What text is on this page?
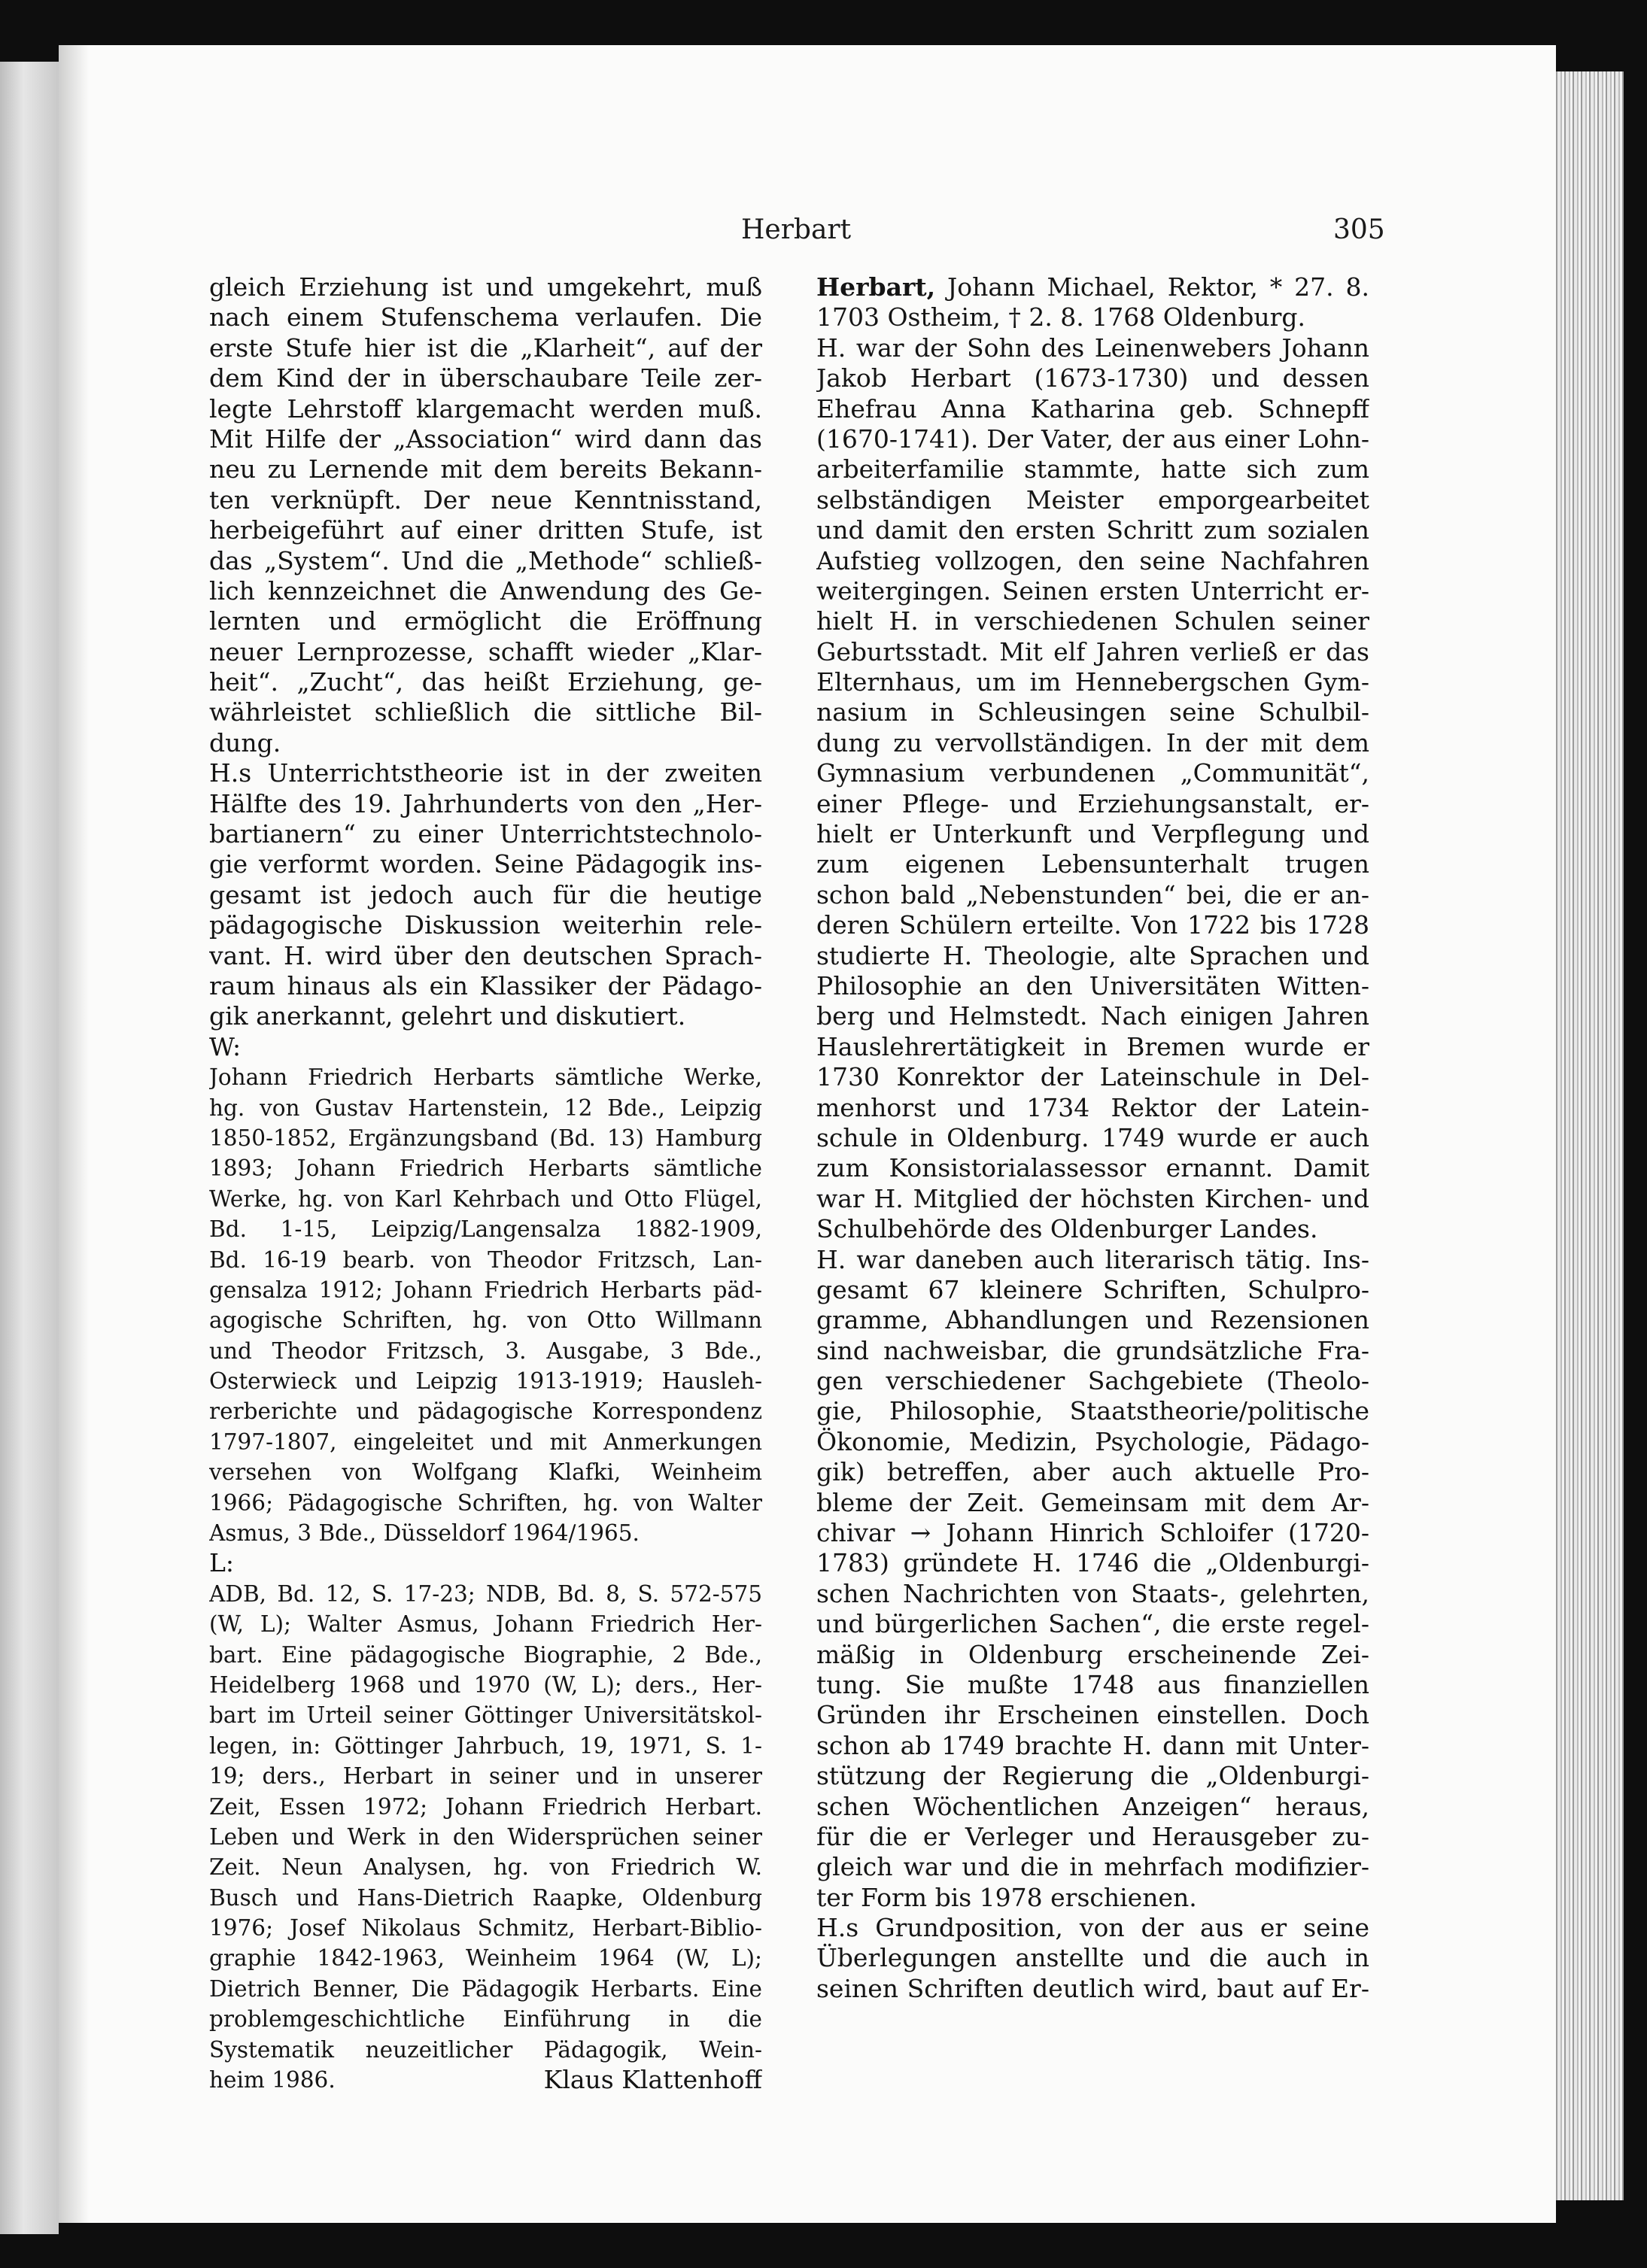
Herbart	305
gleich Erziehung ist und umgekehrt, muß
nach einem Stufenschema verlaufen. Die
erste Stufe hier ist die „Klarheit“, auf der
dem Kind der in überschaubare Teile zer-
legte Lehrstoff klargemacht werden muß.
Mit Hilfe der „Association“ wird dann das
neu zu Lernende mit dem bereits Bekann-
ten verknüpft. Der neue Kenntnisstand,
herbeigeführt auf einer dritten Stufe, ist
das „System“. Und die „Methode“ schließ-
lich kennzeichnet die Anwendung des Ge-
lernten und ermöglicht die Eröffnung
neuer Lernprozesse, schafft wieder „Klar-
heit“. „Zucht“, das heißt Erziehung, ge-
währleistet schließlich die sittliche Bil-
dung.
H.s Unterrichtstheorie ist in der zweiten
Hälfte des 19. Jahrhunderts von den „Her-
bartianern“ zu einer Unterrichtstechnolo-
gie verformt worden. Seine Pädagogik ins-
gesamt ist jedoch auch für die heutige
pädagogische Diskussion weiterhin rele-
vant. H. wird über den deutschen Sprach-
raum hinaus als ein Klassiker der Pädago-
gik anerkannt, gelehrt und diskutiert.
W:
Johann Friedrich Herbarts sämtliche Werke,
hg. von Gustav Hartenstein, 12 Bde., Leipzig
1850-1852, Ergänzungsband (Bd. 13) Hamburg
1893; Johann Friedrich Herbarts sämtliche
Werke, hg. von Karl Kehrbach und Otto Flügel,
Bd. 1-15, Leipzig/Langensalza 1882-1909,
Bd. 16-19 bearb. von Theodor Fritzsch, Lan-
gensalza 1912; Johann Friedrich Herbarts päd-
agogische Schriften, hg. von Otto Willmann
und Theodor Fritzsch, 3. Ausgabe, 3 Bde.,
Osterwieck und Leipzig 1913-1919; Hausleh-
rerberichte und pädagogische Korrespondenz
1797-1807, eingeleitet und mit Anmerkungen
versehen von Wolfgang Klafki, Weinheim
1966; Pädagogische Schriften, hg. von Walter
Asmus, 3 Bde., Düsseldorf 1964/1965.
L:
ADB, Bd. 12, S. 17-23; NDB, Bd. 8, S. 572-575
(W, L); Walter Asmus, Johann Friedrich Her-
bart. Eine pädagogische Biographie, 2 Bde.,
Heidelberg 1968 und 1970 (W, L); ders., Her-
bart im Urteil seiner Göttinger Universitätskol-
legen, in: Göttinger Jahrbuch, 19, 1971, S. 1-
19; ders., Herbart in seiner und in unserer
Zeit, Essen 1972; Johann Friedrich Herbart.
Leben und Werk in den Widersprüchen seiner
Zeit. Neun Analysen, hg. von Friedrich W.
Busch und Hans-Dietrich Raapke, Oldenburg
1976; Josef Nikolaus Schmitz, Herbart-Biblio-
graphie 1842-1963, Weinheim 1964 (W, L);
Dietrich Benner, Die Pädagogik Herbarts. Eine
problemgeschichtliche Einführung in die
Systematik neuzeitlicher Pädagogik, Wein-
heim 1986.	Klaus Klattenhoff
Herbart, Johann Michael, Rektor, * 27. 8.
1703 Ostheim, † 2. 8. 1768 Oldenburg.
H. war der Sohn des Leinenwebers Johann
Jakob Herbart (1673-1730) und dessen
Ehefrau Anna Katharina geb. Schnepff
(1670-1741). Der Vater, der aus einer Lohn-
arbeiterfamilie stammte, hatte sich zum
selbständigen Meister emporgearbeitet
und damit den ersten Schritt zum sozialen
Aufstieg vollzogen, den seine Nachfahren
weitergingen. Seinen ersten Unterricht er-
hielt H. in verschiedenen Schulen seiner
Geburtsstadt. Mit elf Jahren verließ er das
Elternhaus, um im Hennebergschen Gym-
nasium in Schleusingen seine Schulbil-
dung zu vervollständigen. In der mit dem
Gymnasium verbundenen „Communität“,
einer Pflege- und Erziehungsanstalt, er-
hielt er Unterkunft und Verpflegung und
zum eigenen Lebensunterhalt trugen
schon bald „Nebenstunden“ bei, die er an-
deren Schülern erteilte. Von 1722 bis 1728
studierte H. Theologie, alte Sprachen und
Philosophie an den Universitäten Witten-
berg und Helmstedt. Nach einigen Jahren
Hauslehrertätigkeit in Bremen wurde er
1730 Konrektor der Lateinschule in Del-
menhorst und 1734 Rektor der Latein-
schule in Oldenburg. 1749 wurde er auch
zum Konsistorialassessor ernannt. Damit
war H. Mitglied der höchsten Kirchen- und
Schulbehörde des Oldenburger Landes.
H. war daneben auch literarisch tätig. Ins-
gesamt 67 kleinere Schriften, Schulpro-
gramme, Abhandlungen und Rezensionen
sind nachweisbar, die grundsätzliche Fra-
gen verschiedener Sachgebiete (Theolo-
gie, Philosophie, Staatstheorie/politische
Ökonomie, Medizin, Psychologie, Pädago-
gik) betreffen, aber auch aktuelle Pro-
bleme der Zeit. Gemeinsam mit dem Ar-
chivar → Johann Hinrich Schloifer (1720-
1783) gründete H. 1746 die „Oldenburgi-
schen Nachrichten von Staats-, gelehrten,
und bürgerlichen Sachen“, die erste regel-
mäßig in Oldenburg erscheinende Zei-
tung. Sie mußte 1748 aus finanziellen
Gründen ihr Erscheinen einstellen. Doch
schon ab 1749 brachte H. dann mit Unter-
stützung der Regierung die „Oldenburgi-
schen Wöchentlichen Anzeigen“ heraus,
für die er Verleger und Herausgeber zu-
gleich war und die in mehrfach modifizier-
ter Form bis 1978 erschienen.
H.s Grundposition, von der aus er seine
Überlegungen anstellte und die auch in
seinen Schriften deutlich wird, baut auf Er-
